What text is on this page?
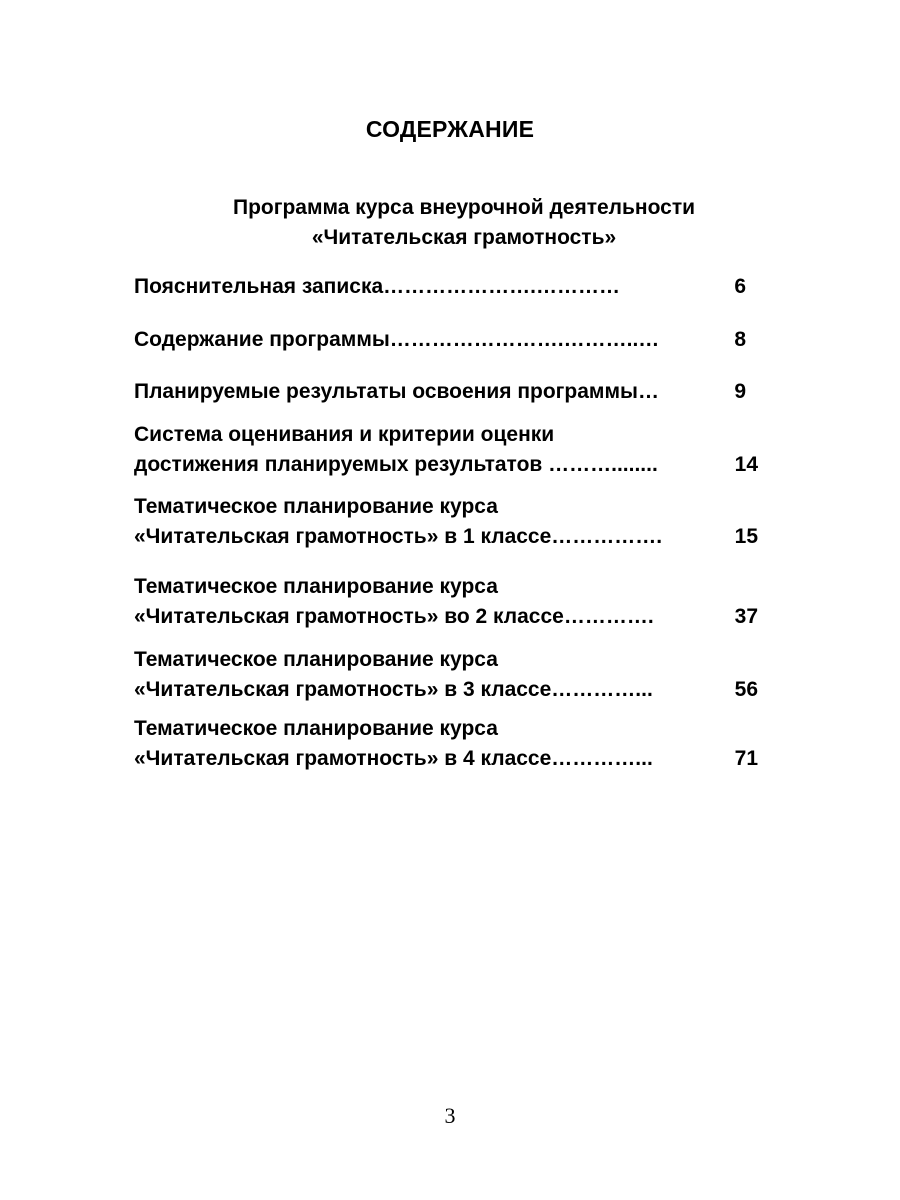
СОДЕРЖАНИЕ
Программа курса внеурочной деятельности
«Читательская грамотность»
Пояснительная записка………………….…………	6
Содержание программы…………………….………..…	8
Планируемые результаты освоения программы…	9
Система оценивания и критерии оценки
достижения планируемых результатов ………........	14
Тематическое планирование курса
«Читательская грамотность» в 1 классе…………….	15
Тематическое планирование курса
«Читательская грамотность» во 2 классе………….	37
Тематическое планирование курса
«Читательская грамотность» в 3 классе…………...	56
Тематическое планирование курса
«Читательская грамотность» в 4 классе…………...	71
3
